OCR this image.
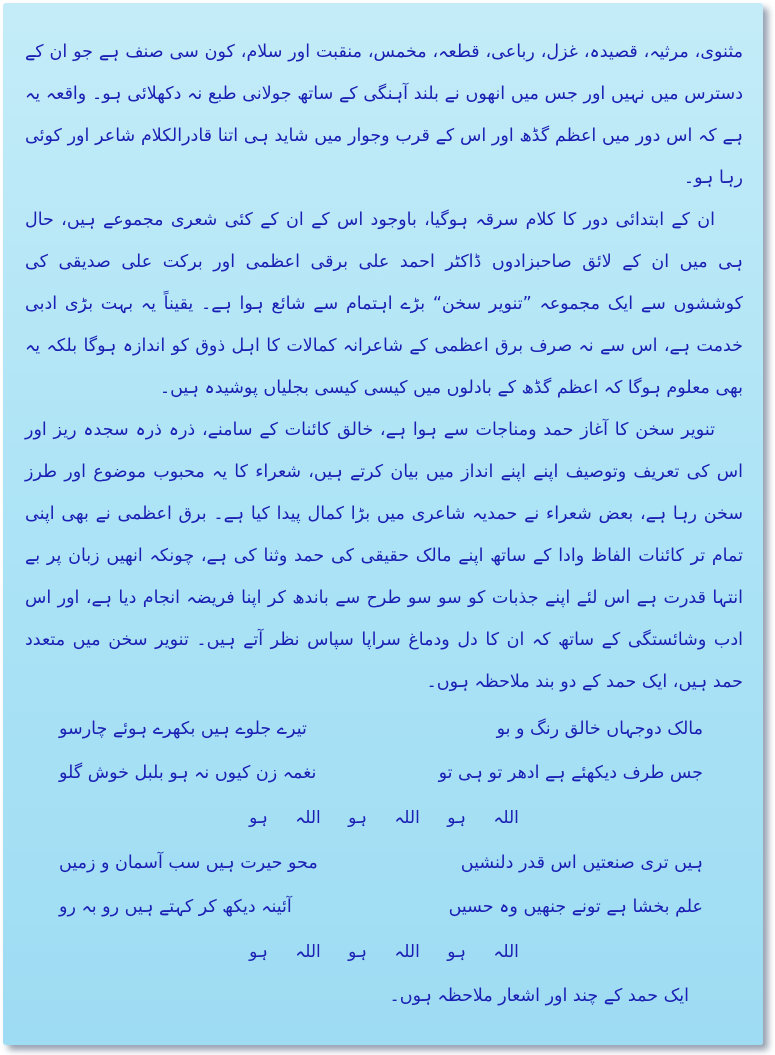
مثنوی، مرثیہ، قصیدہ، غزل، رباعی، قطعہ، مخمس، منقبت اور سلام، کون سی صنف ہے جو ان کے دسترس میں نہیں اور جس میں انھوں نے بلند آہنگی کے ساتھ جولانی طبع نہ دکھلائی ہو۔ واقعہ یہ ہے کہ اس دور میں اعظم گڈھ اور اس کے قرب وجوار میں شاید ہی اتنا قادرالکلام شاعر اور کوئی رہا ہو۔

ان کے ابتدائی دور کا کلام سرقہ ہوگیا، باوجود اس کے ان کے کئی شعری مجموعے ہیں، حال ہی میں ان کے لائق صاحبزادوں ڈاکٹر احمد علی برقی اعظمی اور برکت علی صدیقی کی کوششوں سے ایک مجموعہ ”تنویر سخن“ بڑے اہتمام سے شائع ہوا ہے۔ یقیناً یہ بہت بڑی ادبی خدمت ہے، اس سے نہ صرف برق اعظمی کے شاعرانہ کمالات کا اہل ذوق کو اندازہ ہوگا بلکہ یہ بھی معلوم ہوگا کہ اعظم گڈھ کے بادلوں میں کیسی کیسی بجلیاں پوشیدہ ہیں۔

تنویر سخن کا آغاز حمد ومناجات سے ہوا ہے، خالق کائنات کے سامنے، ذرہ ذرہ سجدہ ریز اور اس کی تعریف وتوصیف اپنے اپنے انداز میں بیان کرتے ہیں، شعراء کا یہ محبوب موضوع اور طرز سخن رہا ہے، بعض شعراء نے حمدیہ شاعری میں بڑا کمال پیدا کیا ہے۔ برق اعظمی نے بھی اپنی تمام تر کائنات الفاظ وادا کے ساتھ اپنے مالک حقیقی کی حمد وثنا کی ہے، چونکہ انھیں زبان پر بے انتہا قدرت ہے اس لئے اپنے جذبات کو سو سو طرح سے باندھ کر اپنا فریضہ انجام دیا ہے، اور اس ادب وشائستگی کے ساتھ کہ ان کا دل ودماغ سراپا سپاس نظر آتے ہیں۔ تنویر سخن میں متعدد حمد ہیں، ایک حمد کے دو بند ملاحظہ ہوں۔

مالک دوجہاں خالق رنگ و بو
تیرے جلوے ہیں بکھرے ہوئے چارسو
جس طرف دیکھئے ہے ادھر تو ہی تو
نغمہ زن کیوں نہ ہو بلبل خوش گلو
اللہ ہو اللہ ہو اللہ ہو
ہیں تری صنعتیں اس قدر دلنشیں
محو حیرت ہیں سب آسمان و زمیں
علم بخشا ہے تونے جنھیں وہ حسیں
آئینہ دیکھ کر کہتے ہیں رو بہ رو
اللہ ہو اللہ ہو اللہ ہو

ایک حمد کے چند اور اشعار ملاحظہ ہوں۔
